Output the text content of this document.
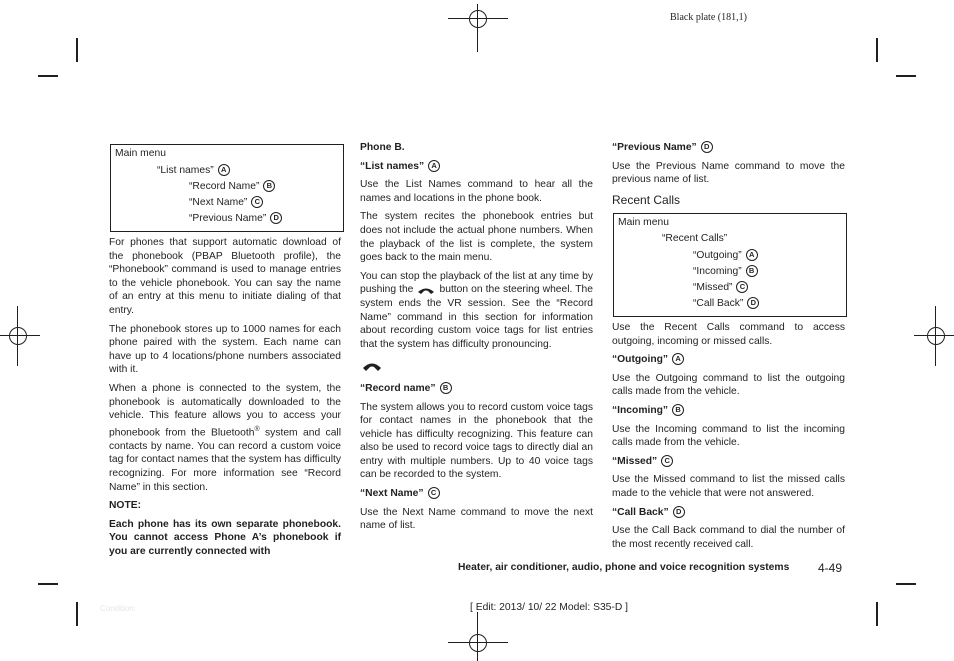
Black plate (181,1)
Main menu
“List names” A
“Record Name” B
“Next Name” C
“Previous Name” D

For phones that support automatic download of the phonebook (PBAP Bluetooth profile), the “Phonebook” command is used to manage entries to the vehicle phonebook. You can say the name of an entry at this menu to initiate dialing of that entry.

The phonebook stores up to 1000 names for each phone paired with the system. Each name can have up to 4 locations/phone numbers associated with it.

When a phone is connected to the system, the phonebook is automatically downloaded to the vehicle. This feature allows you to access your phonebook from the Bluetooth® system and call contacts by name. You can record a custom voice tag for contact names that the system has difficulty recognizing. For more information see “Record Name” in this section.

NOTE:

Each phone has its own separate phonebook. You cannot access Phone A’s phonebook if you are currently connected with

Phone B.

“List names” A

Use the List Names command to hear all the names and locations in the phone book.

The system recites the phonebook entries but does not include the actual phone numbers. When the playback of the list is complete, the system goes back to the main menu.

You can stop the playback of the list at any time by pushing the	button on the steering wheel. The system ends the VR session. See the “Record Name” command in this section for information about recording custom voice tags for list entries that the system has difficulty pronouncing.

“Record name” B

The system allows you to record custom voice tags for contact names in the phonebook that the vehicle has difficulty recognizing. This feature can also be used to record voice tags to directly dial an entry with multiple numbers. Up to 40 voice tags can be recorded to the system.

“Next Name” C

Use the Next Name command to move the next name of list.

“Previous Name” D

Use the Previous Name command to move the previous name of list.

Recent Calls
Main menu
“Recent Calls”
“Outgoing” A
“Incoming” B
“Missed” C
“Call Back” D

Use the Recent Calls command to access outgoing, incoming or missed calls.

“Outgoing” A

Use the Outgoing command to list the outgoing calls made from the vehicle.

“Incoming” B

Use the Incoming command to list the incoming calls made from the vehicle.

“Missed” C

Use the Missed command to list the missed calls made to the vehicle that were not answered.

“Call Back” D

Use the Call Back command to dial the number of the most recently received call.

Heater, air conditioner, audio, phone and voice recognition systems 4-49
Condition:	[ Edit: 2013/ 10/ 22 Model: S35-D ]
